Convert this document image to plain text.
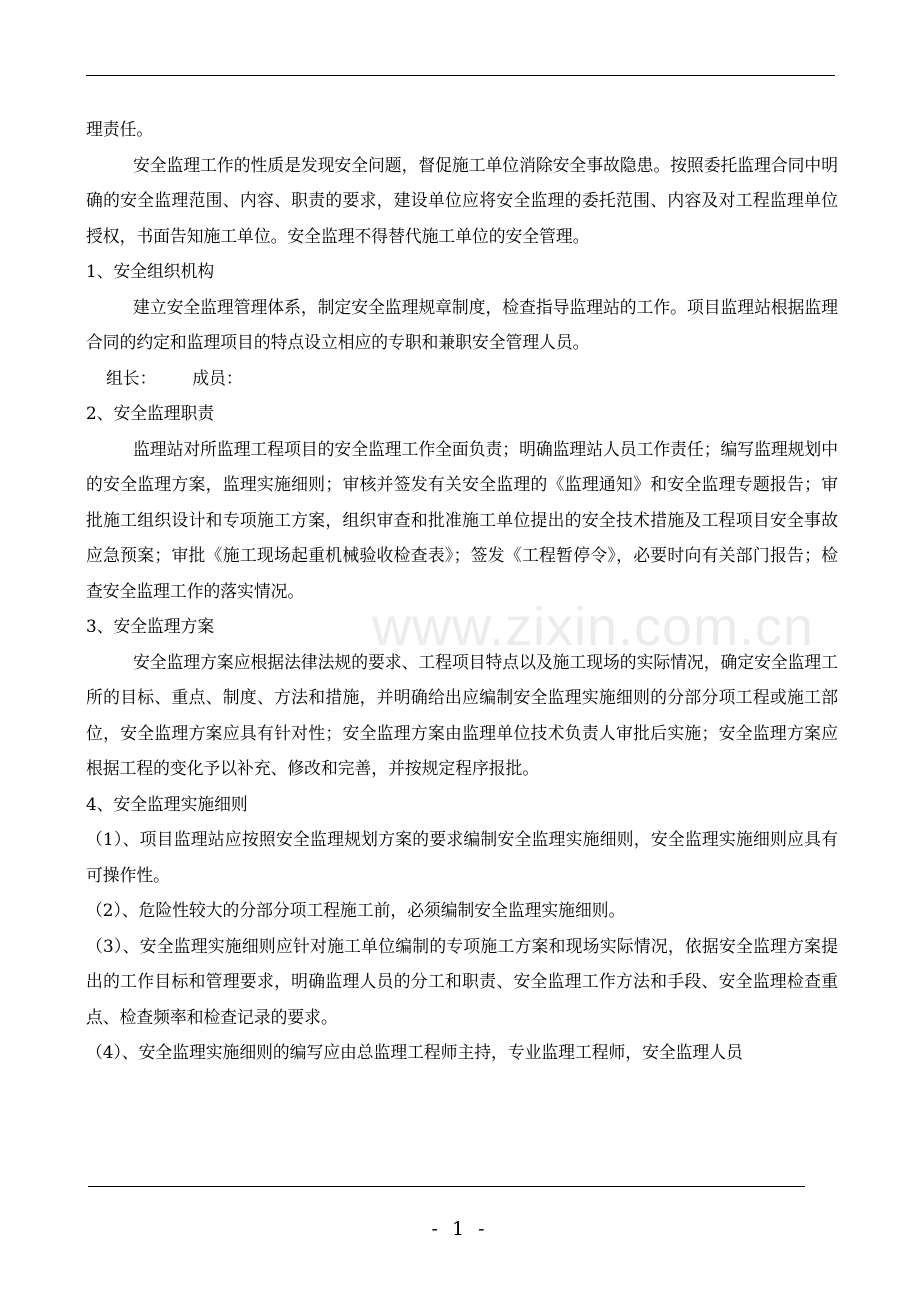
www.zixin.com.cn

理责任。

安全监理工作的性质是发现安全问题，督促施工单位消除安全事故隐患。按照委托监理合同中明确的安全监理范围、内容、职责的要求，建设单位应将安全监理的委托范围、内容及对工程监理单位授权，书面告知施工单位。安全监理不得替代施工单位的安全管理。

1、安全组织机构

建立安全监理管理体系，制定安全监理规章制度，检查指导监理站的工作。项目监理站根据监理合同的约定和监理项目的特点设立相应的专职和兼职安全管理人员。

组长： 成员：

2、安全监理职责

监理站对所监理工程项目的安全监理工作全面负责；明确监理站人员工作责任；编写监理规划中的安全监理方案，监理实施细则；审核并签发有关安全监理的《监理通知》和安全监理专题报告；审批施工组织设计和专项施工方案，组织审查和批准施工单位提出的安全技术措施及工程项目安全事故应急预案；审批《施工现场起重机械验收检查表》；签发《工程暂停令》，必要时向有关部门报告；检查安全监理工作的落实情况。

3、安全监理方案

安全监理方案应根据法律法规的要求、工程项目特点以及施工现场的实际情况，确定安全监理工所的目标、重点、制度、方法和措施，并明确给出应编制安全监理实施细则的分部分项工程或施工部位，安全监理方案应具有针对性；安全监理方案由监理单位技术负责人审批后实施；安全监理方案应根据工程的变化予以补充、修改和完善，并按规定程序报批。

4、安全监理实施细则

（1）、项目监理站应按照安全监理规划方案的要求编制安全监理实施细则，安全监理实施细则应具有可操作性。

（2）、危险性较大的分部分项工程施工前，必须编制安全监理实施细则。

（3）、安全监理实施细则应针对施工单位编制的专项施工方案和现场实际情况，依据安全监理方案提出的工作目标和管理要求，明确监理人员的分工和职责、安全监理工作方法和手段、安全监理检查重点、检查频率和检查记录的要求。

（4）、安全监理实施细则的编写应由总监理工程师主持，专业监理工程师，安全监理人员

- 1 -
